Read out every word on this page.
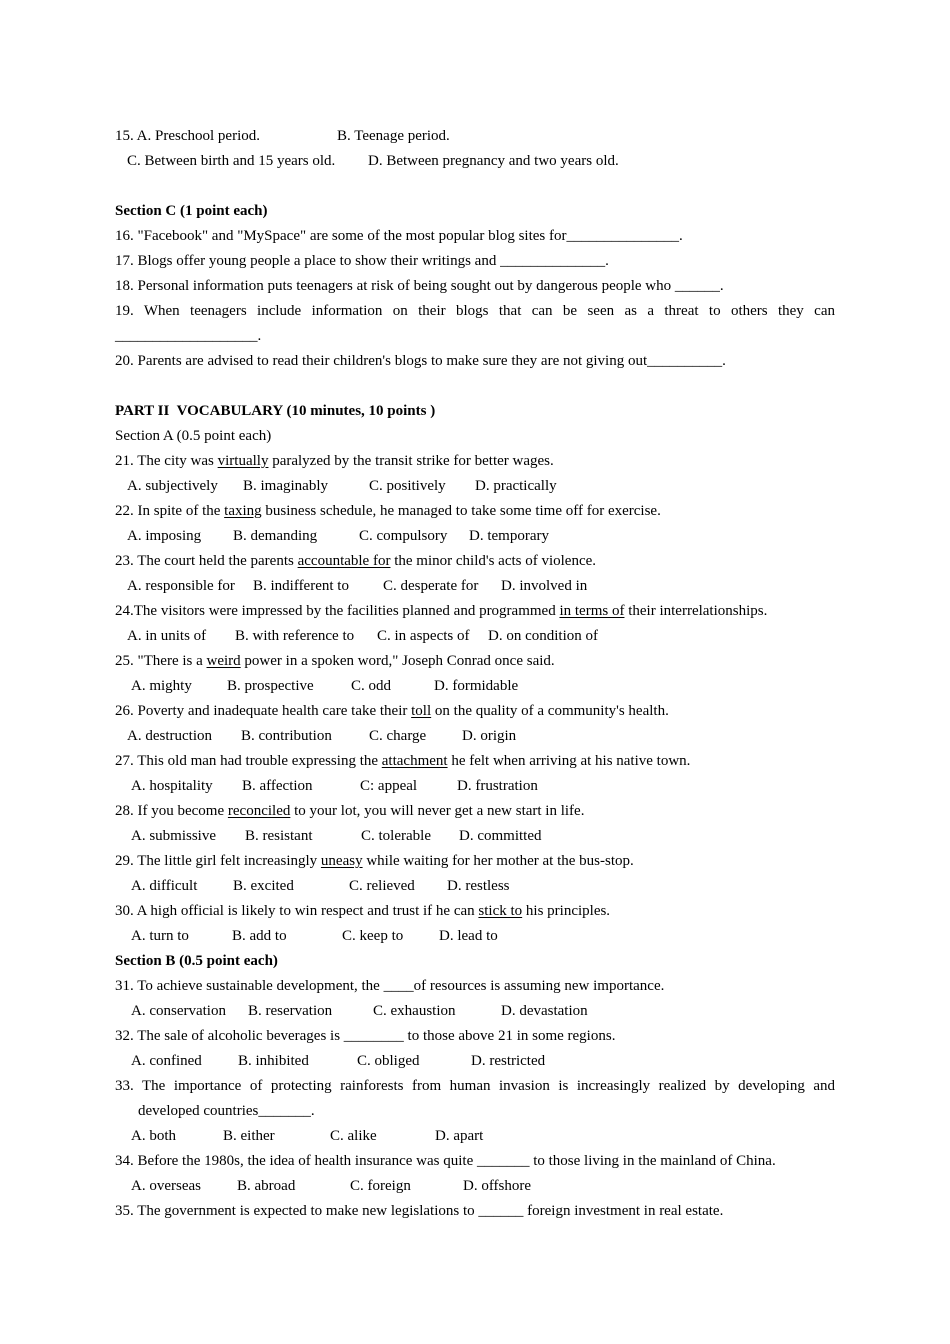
15. A. Preschool period.	B. Teenage period.
C. Between birth and 15 years old.	D. Between pregnancy and two years old.
Section C (1 point each)
16. "Facebook" and "MySpace" are some of the most popular blog sites for_______________.
17. Blogs offer young people a place to show their writings and ______________.
18. Personal information puts teenagers at risk of being sought out by dangerous people who ______.
19. When teenagers include information on their blogs that can be seen as a threat to others they can
___________________.
20. Parents are advised to read their children's blogs to make sure they are not giving out__________.
PART II  VOCABULARY (10 minutes, 10 points )
Section A (0.5 point each)
21. The city was virtually paralyzed by the transit strike for better wages.
A. subjectively	B. imaginably	C. positively	D. practically
22. In spite of the taxing business schedule, he managed to take some time off for exercise.
A. imposing	B. demanding	C. compulsory	D. temporary
23. The court held the parents accountable for the minor child's acts of violence.
A. responsible for	B. indifferent to	C. desperate for	D. involved in
24.The visitors were impressed by the facilities planned and programmed in terms of their interrelationships.
A. in units of	B. with reference to	C. in aspects of	D. on condition of
25. "There is a weird power in a spoken word," Joseph Conrad once said.
A. mighty	B. prospective	C. odd	D. formidable
26. Poverty and inadequate health care take their toll on the quality of a community's health.
A. destruction	B. contribution	C. charge	D. origin
27. This old man had trouble expressing the attachment he felt when arriving at his native town.
A. hospitality	B. affection	C: appeal	D. frustration
28. If you become reconciled to your lot, you will never get a new start in life.
A. submissive	B. resistant	C. tolerable	D. committed
29. The little girl felt increasingly uneasy while waiting for her mother at the bus-stop.
A. difficult	B. excited	C. relieved	D. restless
30. A high official is likely to win respect and trust if he can stick to his principles.
A. turn to	B. add to	C. keep to	D. lead to
Section B (0.5 point each)
31. To achieve sustainable development, the ____of resources is assuming new importance.
A. conservation	B. reservation	C. exhaustion	D. devastation
32. The sale of alcoholic beverages is ________ to those above 21 in some regions.
A. confined	B. inhibited	C. obliged	D. restricted
33. The importance of protecting rainforests from human invasion is increasingly realized by developing and
developed countries_______.
A. both	B. either	C. alike	D. apart
34. Before the 1980s, the idea of health insurance was quite _______ to those living in the mainland of China.
A. overseas	B. abroad	C. foreign	D. offshore
35. The government is expected to make new legislations to ______ foreign investment in real estate.
